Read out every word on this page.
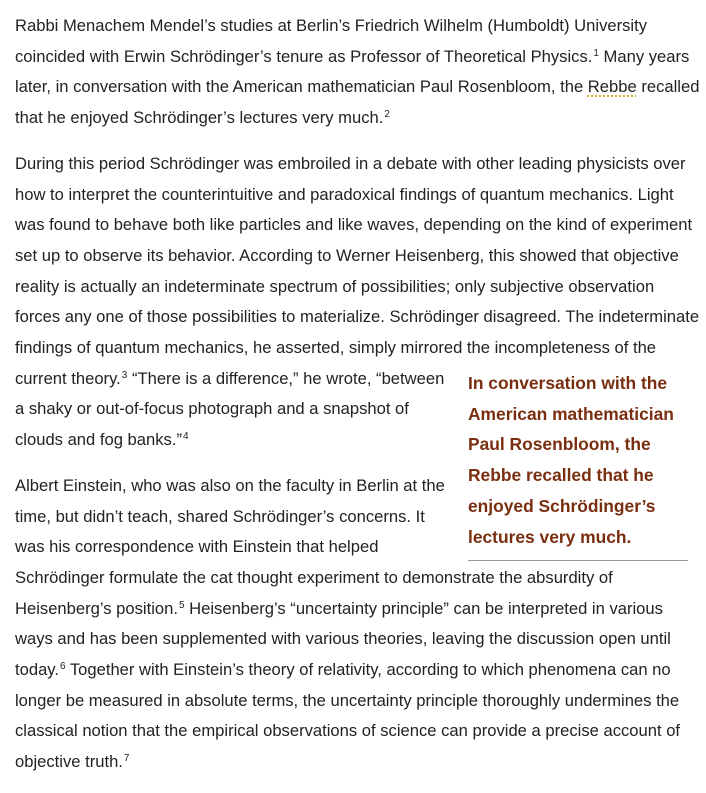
Rabbi Menachem Mendel’s studies at Berlin’s Friedrich Wilhelm (Humboldt) University coincided with Erwin Schrödinger’s tenure as Professor of Theoretical Physics.$^1$ Many years later, in conversation with the American mathematician Paul Rosenbloom, the Rebbe recalled that he enjoyed Schrödinger’s lectures very much.$^2$

During this period Schrödinger was embroiled in a debate with other leading physicists over how to interpret the counterintuitive and paradoxical findings of quantum mechanics. Light was found to behave both like particles and like waves, depending on the kind of experiment set up to observe its behavior. According to Werner Heisenberg, this showed that objective reality is actually an indeterminate spectrum of possibilities; only subjective observation forces any one of those possibilities to materialize. Schrödinger disagreed. The indeterminate findings of quantum mechanics, he asserted, simply mirrored the incompleteness of the current theory.$^3$	In conversation with the American mathematician Paul Rosenbloom, the Rebbe recalled that he enjoyed Schrödinger’s lectures very much.
“There is a difference,” he wrote, “between a shaky or out-of-focus photograph and a snapshot of clouds and fog banks.”$^4$

Albert Einstein, who was also on the faculty in Berlin at the time, but didn’t teach, shared Schrödinger’s concerns. It was his correspondence with Einstein that helped Schrödinger formulate the cat thought experiment to demonstrate the absurdity of Heisenberg’s position.$^5$ Heisenberg’s “uncertainty principle” can be interpreted in various ways and has been supplemented with various theories, leaving the discussion open until today.$^6$ Together with Einstein’s theory of relativity, according to which phenomena can no longer be measured in absolute terms, the uncertainty principle thoroughly undermines the classical notion that the empirical observations of science can provide a precise account of objective truth.$^7$
